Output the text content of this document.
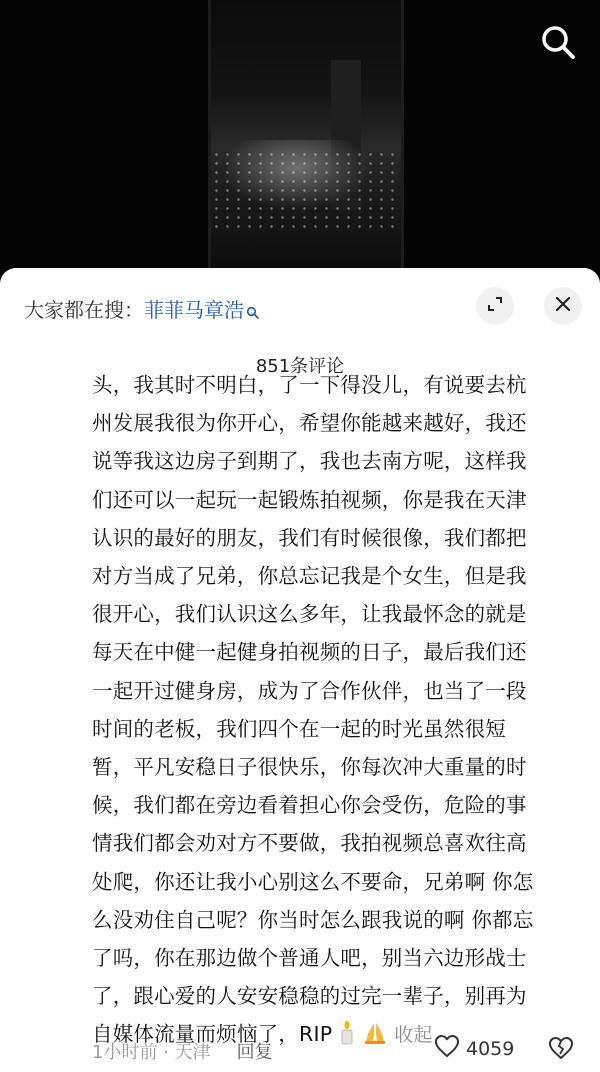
大家都在搜： 菲菲马章浩
851条评论
头，我其时不明白，了一下得没儿，有说要去杭
州发展我很为你开心，希望你能越来越好，我还
说等我这边房子到期了，我也去南方呢，这样我
们还可以一起玩一起锻炼拍视频，你是我在天津
认识的最好的朋友，我们有时候很像，我们都把
对方当成了兄弟，你总忘记我是个女生，但是我
很开心，我们认识这么多年，让我最怀念的就是
每天在中健一起健身拍视频的日子，最后我们还
一起开过健身房，成为了合作伙伴，也当了一段
时间的老板，我们四个在一起的时光虽然很短
暂，平凡安稳日子很快乐，你每次冲大重量的时
候，我们都在旁边看着担心你会受伤，危险的事
情我们都会劝对方不要做，我拍视频总喜欢往高
处爬，你还让我小心别这么不要命，兄弟啊 你怎
么没劝住自己呢？你当时怎么跟我说的啊 你都忘
了吗，你在那边做个普通人吧，别当六边形战士
了，跟心爱的人安安稳稳的过完一辈子，别再为
自媒体流量而烦恼了，RIP	收起
1小时前 · 天津 回复	4059
